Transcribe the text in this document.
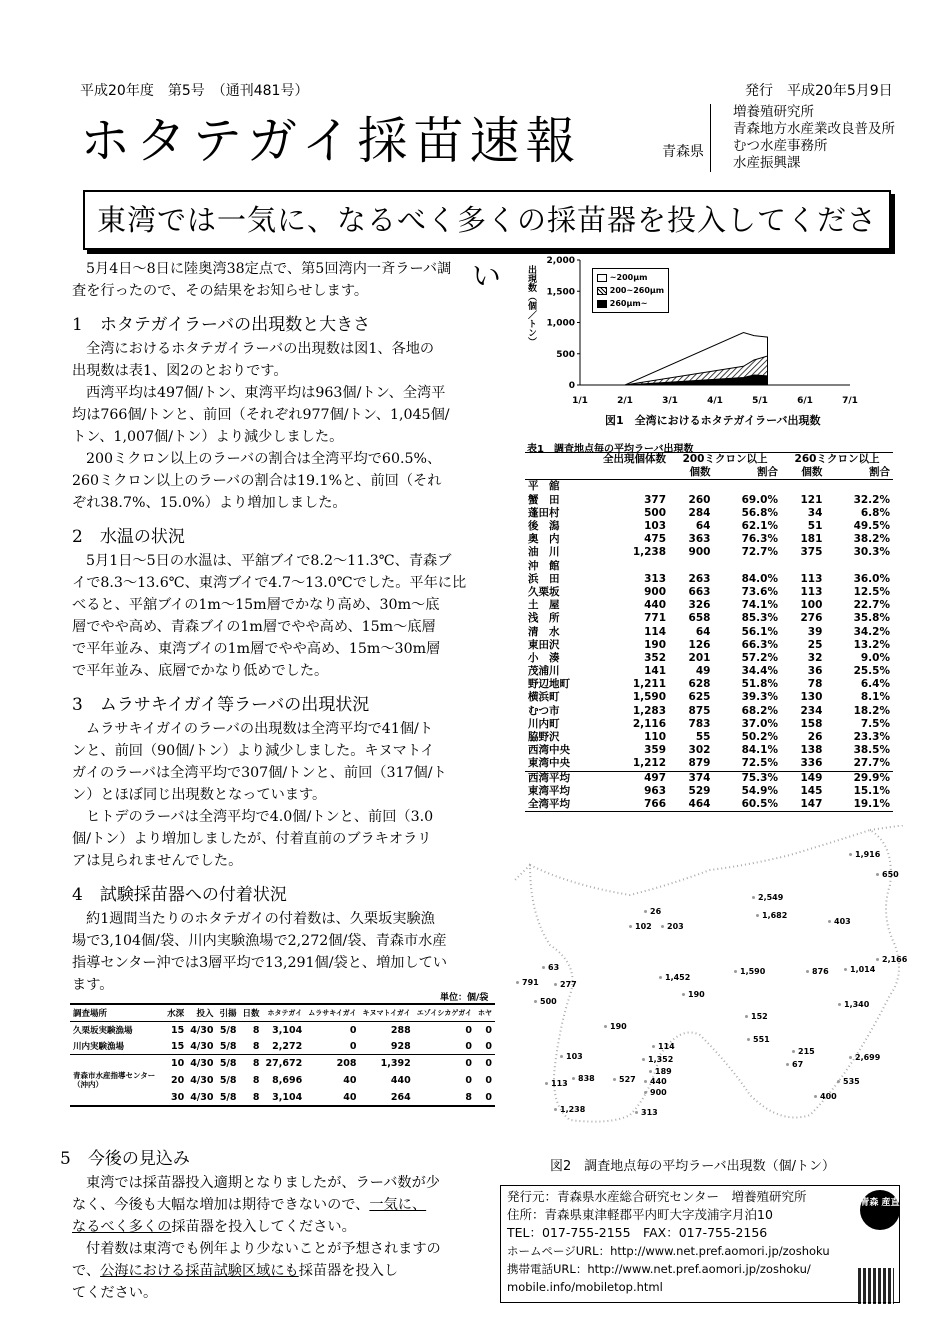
平成20年度　第5号　（通刊481号）	発行　平成20年5月9日
ホタテガイ採苗速報	青森県
増養殖研究所
青森地方水産業改良普及所
むつ水産事務所
水産振興課
東湾では一気に、なるべく多くの採苗器を投入してください
5月4日～8日に陸奥湾38定点で、第5回湾内一斉ラーバ調
査を行ったので、その結果をお知らせします。
1　ホタテガイラーバの出現数と大きさ
全湾におけるホタテガイラーバの出現数は図1、各地の
出現数は表1、図2のとおりです。
西湾平均は497個/トン、東湾平均は963個/トン、全湾平
均は766個/トンと、前回（それぞれ977個/トン、1,045個/
トン、1,007個/トン）より減少しました。
200ミクロン以上のラーバの割合は全湾平均で60.5%、
260ミクロン以上のラーバの割合は19.1%と、前回（それ
ぞれ38.7%、15.0%）より増加しました。
2　水温の状況
5月1日～5日の水温は、平舘ブイで8.2～11.3℃、青森ブ
イで8.3～13.6℃、東湾ブイで4.7～13.0℃でした。平年に比
べると、平舘ブイの1m～15m層でかなり高め、30m～底
層でやや高め、青森ブイの1m層でやや高め、15m～底層
で平年並み、東湾ブイの1m層でやや高め、15m～30m層
で平年並み、底層でかなり低めでした。
3　ムラサキイガイ等ラーバの出現状況
ムラサキイガイのラーバの出現数は全湾平均で41個/ト
ンと、前回（90個/トン）より減少しました。キヌマトイ
ガイのラーバは全湾平均で307個/トンと、前回（317個/ト
ン）とほぼ同じ出現数となっています。
ヒトデのラーバは全湾平均で4.0個/トンと、前回（3.0
個/トン）より増加しましたが、付着直前のブラキオラリ
アは見られませんでした。
4　試験採苗器への付着状況
約1週間当たりのホタテガイの付着数は、久栗坂実験漁
場で3,104個/袋、川内実験漁場で2,272個/袋、青森市水産
指導センター沖では3層平均で13,291個/袋と、増加してい
ます。
単位：個/袋
調査場所	水深	投入	引揚	日数	ホタテガイ	ムラサキイガイ	キヌマトイガイ	エゾイシカゲガイ	ホヤ
久栗坂実験漁場	15	4/30	5/8	8	3,104	0	288	0	0
川内実験漁場	15	4/30	5/8	8	2,272	0	928	0	0
	10	4/30	5/8	8	27,672	208	1,392	0	0
青森市水産指導センター（沖内）	20	4/30	5/8	8	8,696	40	440	0	0
	30	4/30	5/8	8	3,104	40	264	8	0
5　今後の見込み
東湾では採苗器投入適期となりましたが、ラーバ数が少
なく、今後も大幅な増加は期待できないので、一気に、
なるべく多くの採苗器を投入してください。
付着数は東湾でも例年より少ないことが予想されますの
で、公海における採苗試験区域にも採苗器を投入し
てください。
0
500
1,000
1,500
2,000
1/1	2/1	3/1	4/1	5/1	6/1	7/1
出現数（個／トン）	~200μm
200~260μm
260μm~
図1　全湾におけるホタテガイラーバ出現数
表1　調査地点毎の平均ラーバ出現数
	全出現個体数	200ミクロン以上		260ミクロン以上	
		個数	割合	個数	割合
平　舘					
蟹　田	377	260	69.0%	121	32.2%
蓬田村	500	284	56.8%	34	6.8%
後　潟	103	64	62.1%	51	49.5%
奥　内	475	363	76.3%	181	38.2%
油　川	1,238	900	72.7%	375	30.3%
沖　館					
浜　田	313	263	84.0%	113	36.0%
久栗坂	900	663	73.6%	113	12.5%
土　屋	440	326	74.1%	100	22.7%
浅　所	771	658	85.3%	276	35.8%
清　水	114	64	56.1%	39	34.2%
東田沢	190	126	66.3%	25	13.2%
小　湊	352	201	57.2%	32	9.0%
茂浦川	141	49	34.4%	36	25.5%
野辺地町	1,211	628	51.8%	78	6.4%
横浜町	1,590	625	39.3%	130	8.1%
むつ市	1,283	875	68.2%	234	18.2%
川内町	2,116	783	37.0%	158	7.5%
脇野沢	110	55	50.2%	26	23.3%
西湾中央	359	302	84.1%	138	38.5%
東湾中央	1,212	879	72.5%	336	27.7%
西湾平均	497	374	75.3%	149	29.9%
東湾平均	963	529	54.9%	145	15.1%
全湾平均	766	464	60.5%	147	19.1%
1,916
650
2,549
1,682
403
26
102 203
2,166
1,014
876
1,590
63
791	277
1,452
190
500	1,340
152
190
551
114
215
2,699
67
103	1,352
189
535
113
838	527 440
900	400
1,238	313
図2　調査地点毎の平均ラーバ出現数（個/トン）
発行元：青森県水産総合研究センター　増養殖研究所
住所：青森県東津軽郡平内町大字茂浦字月泊10
TEL：017-755-2155　FAX：017-755-2156
ホームページURL：http://www.net.pref.aomori.jp/zoshoku
携帯電話URL：http://www.net.pref.aomori.jp/zoshoku/
mobile.info/mobiletop.html
青森 産直
